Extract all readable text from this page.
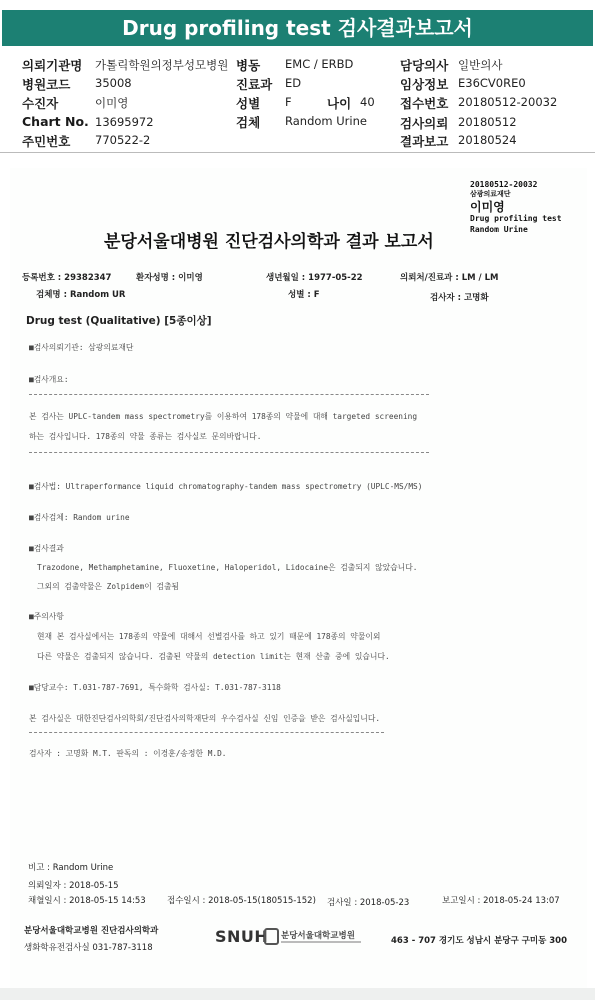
Drug profiling test 검사결과보고서
의뢰기관명 가톨릭학원의정부성모병원 병동 EMC / ERBD	담당의사 일반의사
병원코드 35008	진료과 ED	임상정보 E36CV0RE0
수진자	이미영	성별 F	나이 40 접수번호 20180512-20032
Chart No. 13695972	검체 Random Urine	검사의뢰 20180512
주민번호 770522-2	결과보고 20180524
20180512-20032
삼광의료재단
이미영
Drug profiling test
Random Urine
분당서울대병원 진단검사의학과 결과 보고서
등록번호 : 29382347	환자성명 : 이미영	생년월일 : 1977-05-22	의뢰처/진료과 : LM / LM
검체명 : Random UR	성별 : F	검사자 : 고명화
Drug test (Qualitative) [5종이상]
■검사의뢰기관: 삼광의료재단
■검사개요:
본 검사는 UPLC-tandem mass spectrometry를 이용하여 178종의 약물에 대해 targeted screening
하는 검사입니다. 178종의 약물 종류는 검사실로 문의바랍니다.
■검사법: Ultraperformance liquid chromatography-tandem mass spectrometry (UPLC-MS/MS)
■검사검체: Random urine
■검사결과
Trazodone, Methamphetamine, Fluoxetine, Haloperidol, Lidocaine은 검출되지 않았습니다.
그외의 검출약물은 Zolpidem이 검출됨
■주의사항
현재 본 검사실에서는 178종의 약물에 대해서 선별검사를 하고 있기 때문에 178종의 약물이외
다른 약물은 검출되지 않습니다. 검출된 약물의 detection limit는 현재 산출 중에 있습니다.
■담당교수: T.031-787-7691, 특수화학 검사실: T.031-787-3118
본 검사실은 대한진단검사의학회/진단검사의학재단의 우수검사실 신임 인증을 받은 검사실입니다.
검사자 : 고명화 M.T. 판독의 : 이경훈/송정한 M.D.
비고 : Random Urine
의뢰일자 : 2018-05-15
채혈일시 : 2018-05-15 14:53	접수일시 : 2018-05-15(180515-152) 검사일 : 2018-05-23	보고일시 : 2018-05-24 13:07
분당서울대학교병원 진단검사의학과
생화학유전검사실 031-787-3118
SNUH 분당서울대학교병원	463 - 707 경기도 성남시 분당구 구미동 300
